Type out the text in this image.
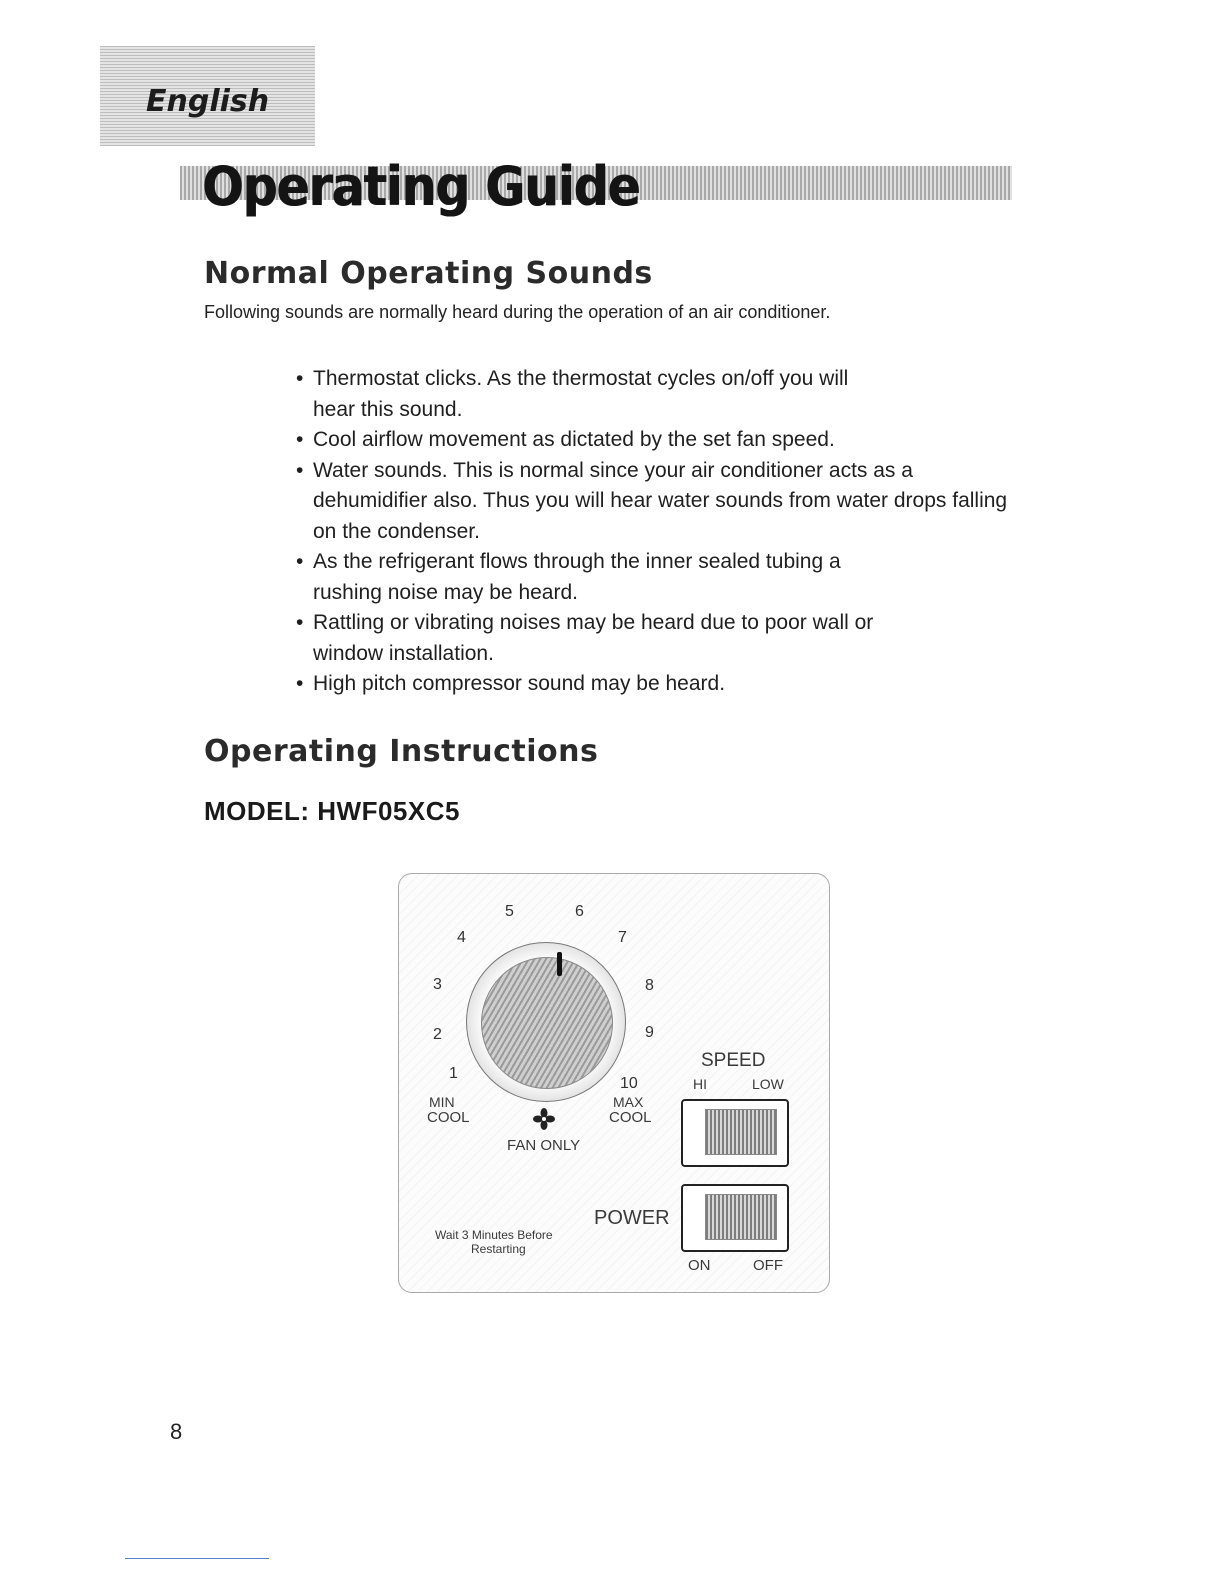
English
Operating Guide
Normal Operating Sounds

Following sounds are normally heard during the operation of an air conditioner.

• Thermostat clicks. As the thermostat cycles on/off you will hear this sound.
• Cool airflow movement as dictated by the set fan speed.
• Water sounds. This is normal since your air conditioner acts as a dehumidifier also. Thus you will hear water sounds from water drops falling on the condenser.
• As the refrigerant flows through the inner sealed tubing a rushing noise may be heard.
• Rattling or vibrating noises may be heard due to poor wall or window installation.
• High pitch compressor sound may be heard.
Operating Instructions

MODEL: HWF05XC5

1
2
3
4
5	6
7
8
9
10
MIN
COOL
MAX
COOL
FAN ONLY
SPEED
HI	LOW
POWER
ON	OFF
Wait 3 Minutes Before
Restarting

8
